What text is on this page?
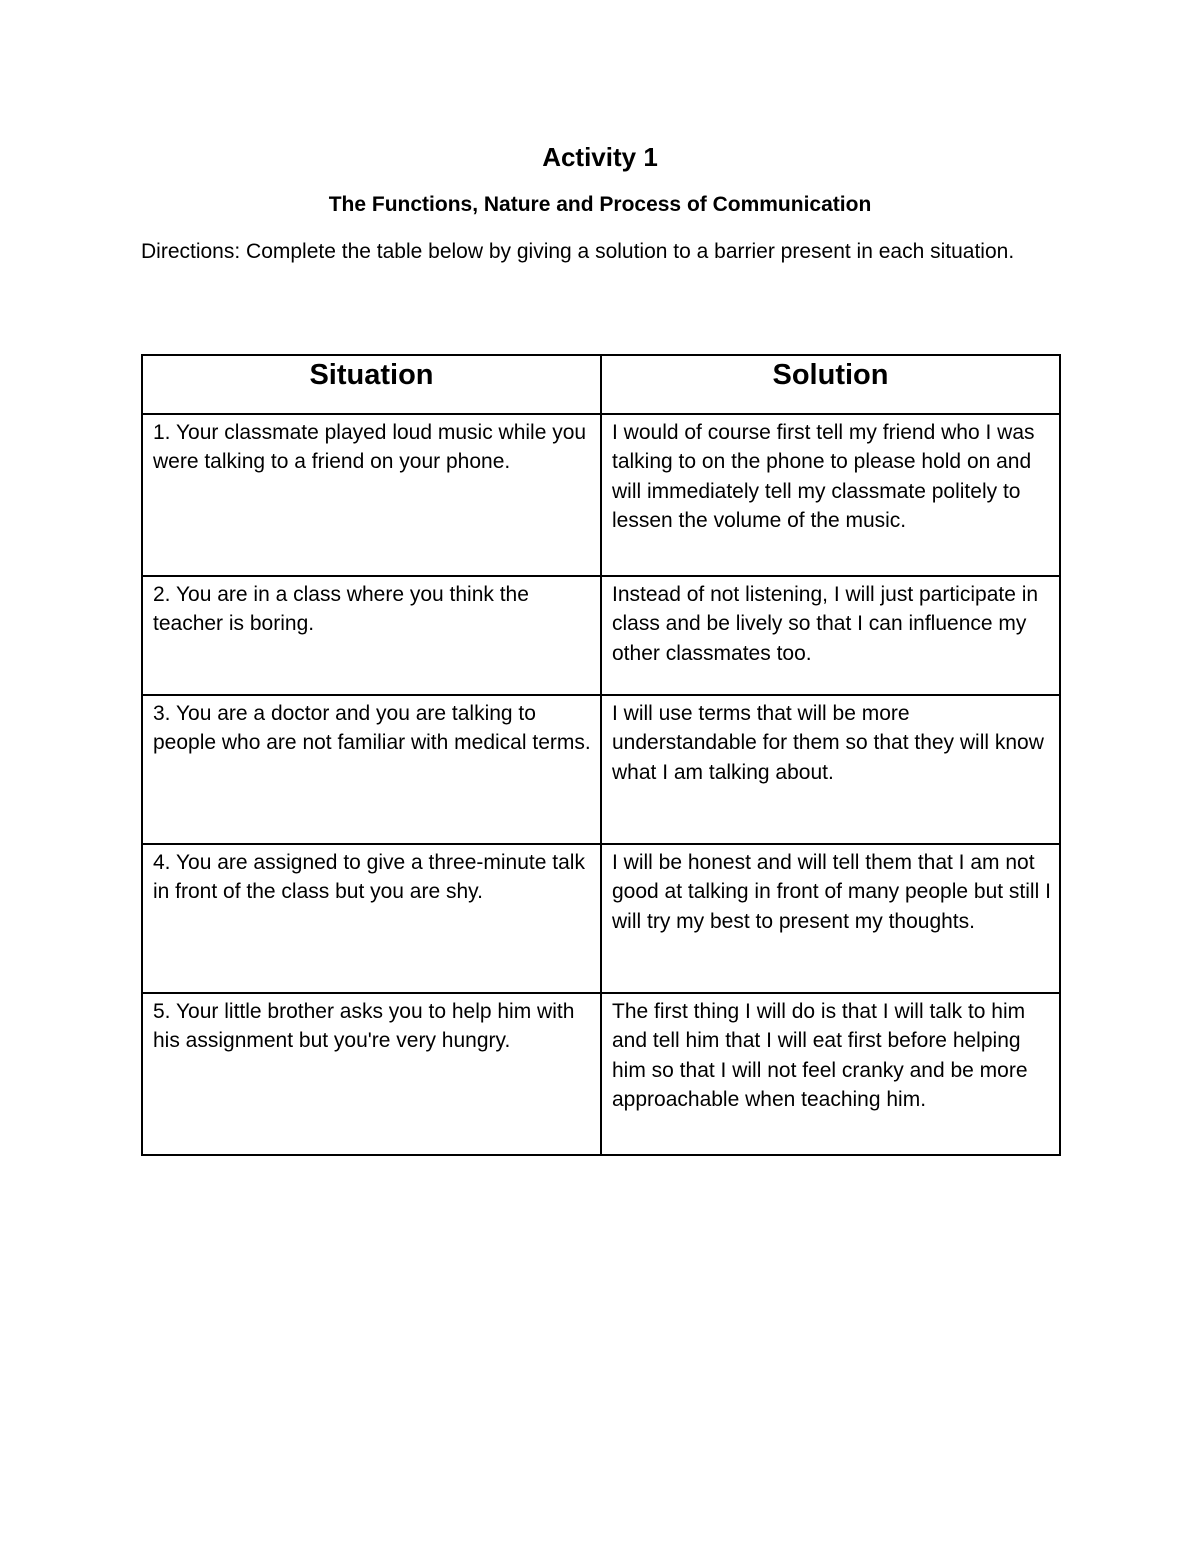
Activity 1
The Functions, Nature and Process of Communication
Directions: Complete the table below by giving a solution to a barrier present in each situation.
Situation	Solution

1. Your classmate played loud music while you were talking to a friend on your phone.	I would of course first tell my friend who I was talking to on the phone to please hold on and will immediately tell my classmate politely to lessen the volume of the music.

2. You are in a class where you think the teacher is boring.	Instead of not listening, I will just participate in class and be lively so that I can influence my other classmates too.

3. You are a doctor and you are talking to people who are not familiar with medical terms.	I will use terms that will be more understandable for them so that they will know what I am talking about.

4. You are assigned to give a three-minute talk in front of the class but you are shy.	I will be honest and will tell them that I am not good at talking in front of many people but still I will try my best to present my thoughts.

5. Your little brother asks you to help him with his assignment but you're very hungry.	The first thing I will do is that I will talk to him and tell him that I will eat first before helping him so that I will not feel cranky and be more approachable when teaching him.
